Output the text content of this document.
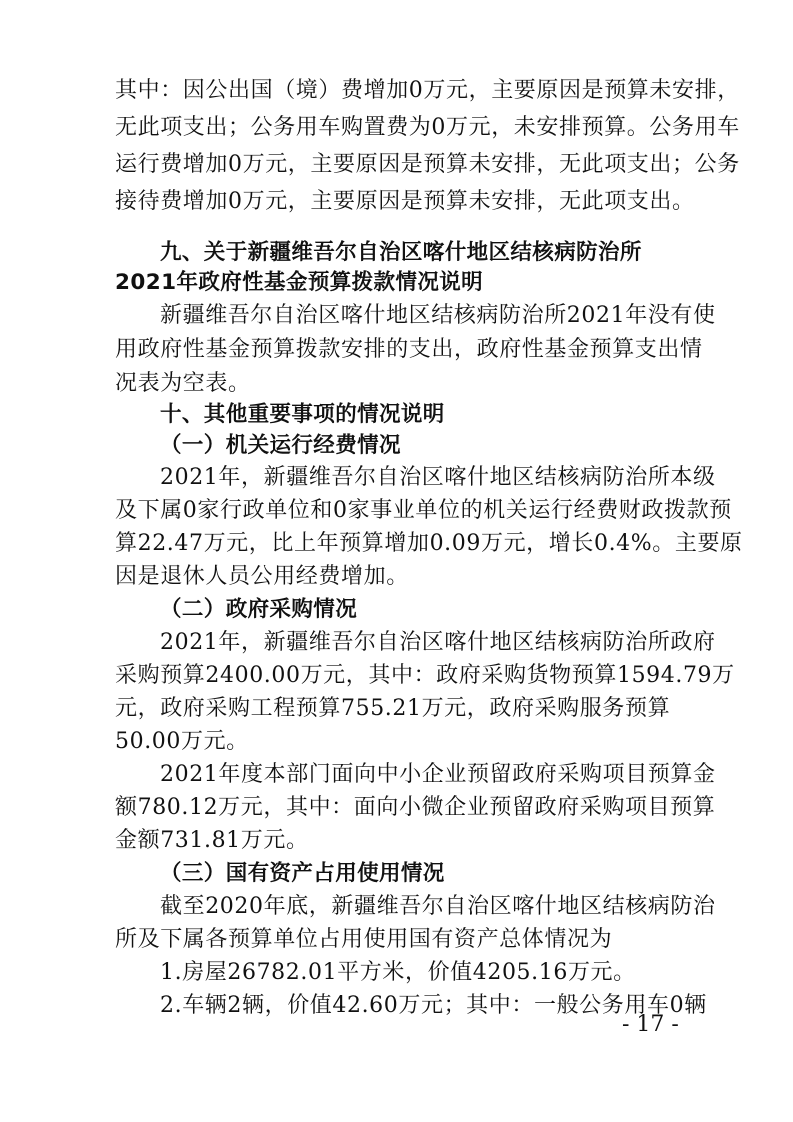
其中：因公出国（境）费增加0万元，主要原因是预算未安排，
无此项支出；公务用车购置费为0万元，未安排预算。公务用车
运行费增加0万元，主要原因是预算未安排，无此项支出；公务
接待费增加0万元，主要原因是预算未安排，无此项支出。
九、关于新疆维吾尔自治区喀什地区结核病防治所
2021年政府性基金预算拨款情况说明
新疆维吾尔自治区喀什地区结核病防治所2021年没有使
用政府性基金预算拨款安排的支出，政府性基金预算支出情
况表为空表。
十、其他重要事项的情况说明
（一）机关运行经费情况
2021年，新疆维吾尔自治区喀什地区结核病防治所本级
及下属0家行政单位和0家事业单位的机关运行经费财政拨款预
算22.47万元，比上年预算增加0.09万元，增长0.4%。主要原
因是退休人员公用经费增加。
（二）政府采购情况
2021年，新疆维吾尔自治区喀什地区结核病防治所政府
采购预算2400.00万元，其中：政府采购货物预算1594.79万
元，政府采购工程预算755.21万元，政府采购服务预算
50.00万元。
2021年度本部门面向中小企业预留政府采购项目预算金
额780.12万元，其中：面向小微企业预留政府采购项目预算
金额731.81万元。
（三）国有资产占用使用情况
截至2020年底，新疆维吾尔自治区喀什地区结核病防治
所及下属各预算单位占用使用国有资产总体情况为
1.房屋26782.01平方米，价值4205.16万元。
2.车辆2辆，价值42.60万元；其中：一般公务用车0辆
- 17 -
